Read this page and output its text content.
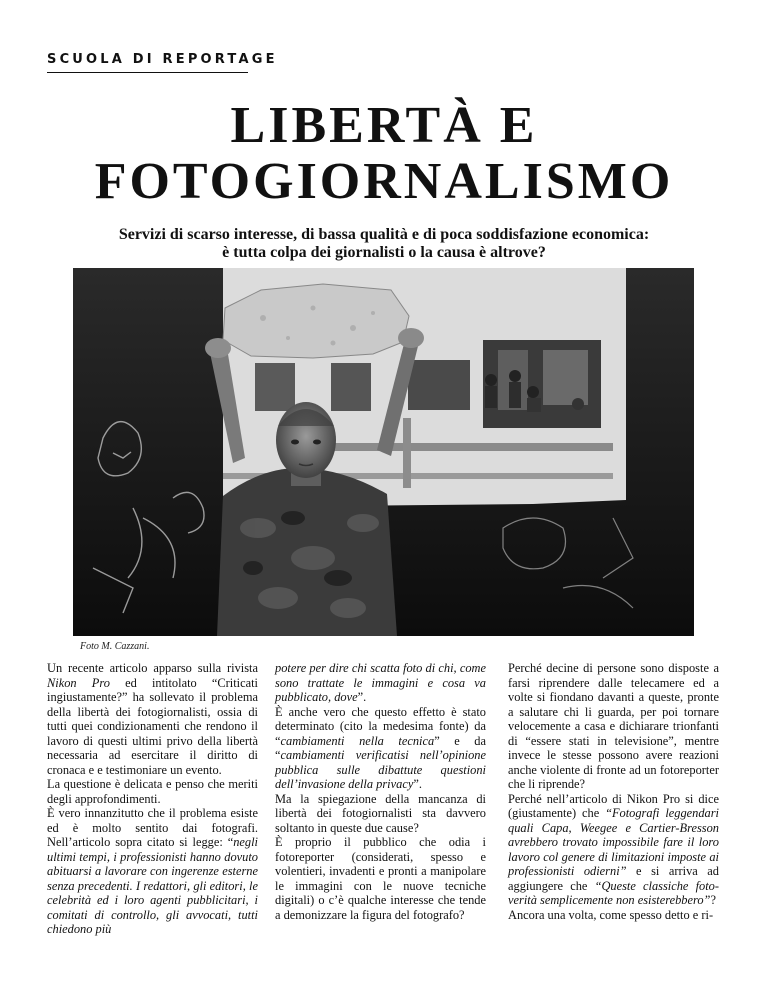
SCUOLA DI REPORTAGE
LIBERTÀ E
FOTOGIORNALISMO
Servizi di scarso interesse, di bassa qualità e di poca soddisfazione economica:
è tutta colpa dei giornalisti o la causa è altrove?
Foto M. Cazzani.

Un recente articolo apparso sulla rivista Nikon Pro ed intitolato “Criticati ingiustamente?” ha sollevato il problema della libertà dei fotogiornalisti, ossia di tutti quei condizionamenti che rendono il lavoro di questi ultimi privo della libertà necessaria ad esercitare il diritto di cronaca e e testimoniare un evento.

La questione è delicata e penso che meriti degli approfondimenti.

È vero innanzitutto che il problema esiste ed è molto sentito dai fotografi. Nell’articolo sopra citato si legge: “negli ultimi tempi, i professionisti hanno dovuto abituarsi a lavorare con ingerenze esterne senza precedenti. I redattori, gli editori, le celebrità ed i loro agenti pubblicitari, i comitati di controllo, gli avvocati, tutti chiedono più

potere per dire chi scatta foto di chi, come sono trattate le immagini e cosa va pubblicato, dove”.

È anche vero che questo effetto è stato determinato (cito la medesima fonte) da “cambiamenti nella tecnica” e da “cambiamenti verificatisi nell’opinione pubblica sulle dibattute questioni dell’invasione della privacy”.

Ma la spiegazione della mancanza di libertà dei fotogiornalisti sta davvero soltanto in queste due cause?

È proprio il pubblico che odia i fotoreporter (considerati, spesso e volentieri, invadenti e pronti a manipolare le immagini con le nuove tecniche digitali) o c’è qualche interesse che tende a demonizzare la figura del fotografo?

Perché decine di persone sono disposte a farsi riprendere dalle telecamere ed a volte si fiondano davanti a queste, pronte a salutare chi li guarda, per poi tornare velocemente a casa e dichiarare trionfanti di “essere stati in televisione”, mentre invece le stesse possono avere reazioni anche violente di fronte ad un fotoreporter che li riprende?

Perché nell’articolo di Nikon Pro si dice (giustamente) che “Fotografi leggendari quali Capa, Weegee e Cartier-Bresson avrebbero trovato impossibile fare il loro lavoro col genere di limitazioni imposte ai professionisti odierni” e si arriva ad aggiungere che “Queste classiche foto-verità semplicemente non esisterebbero”?

Ancora una volta, come spesso detto e ri-
